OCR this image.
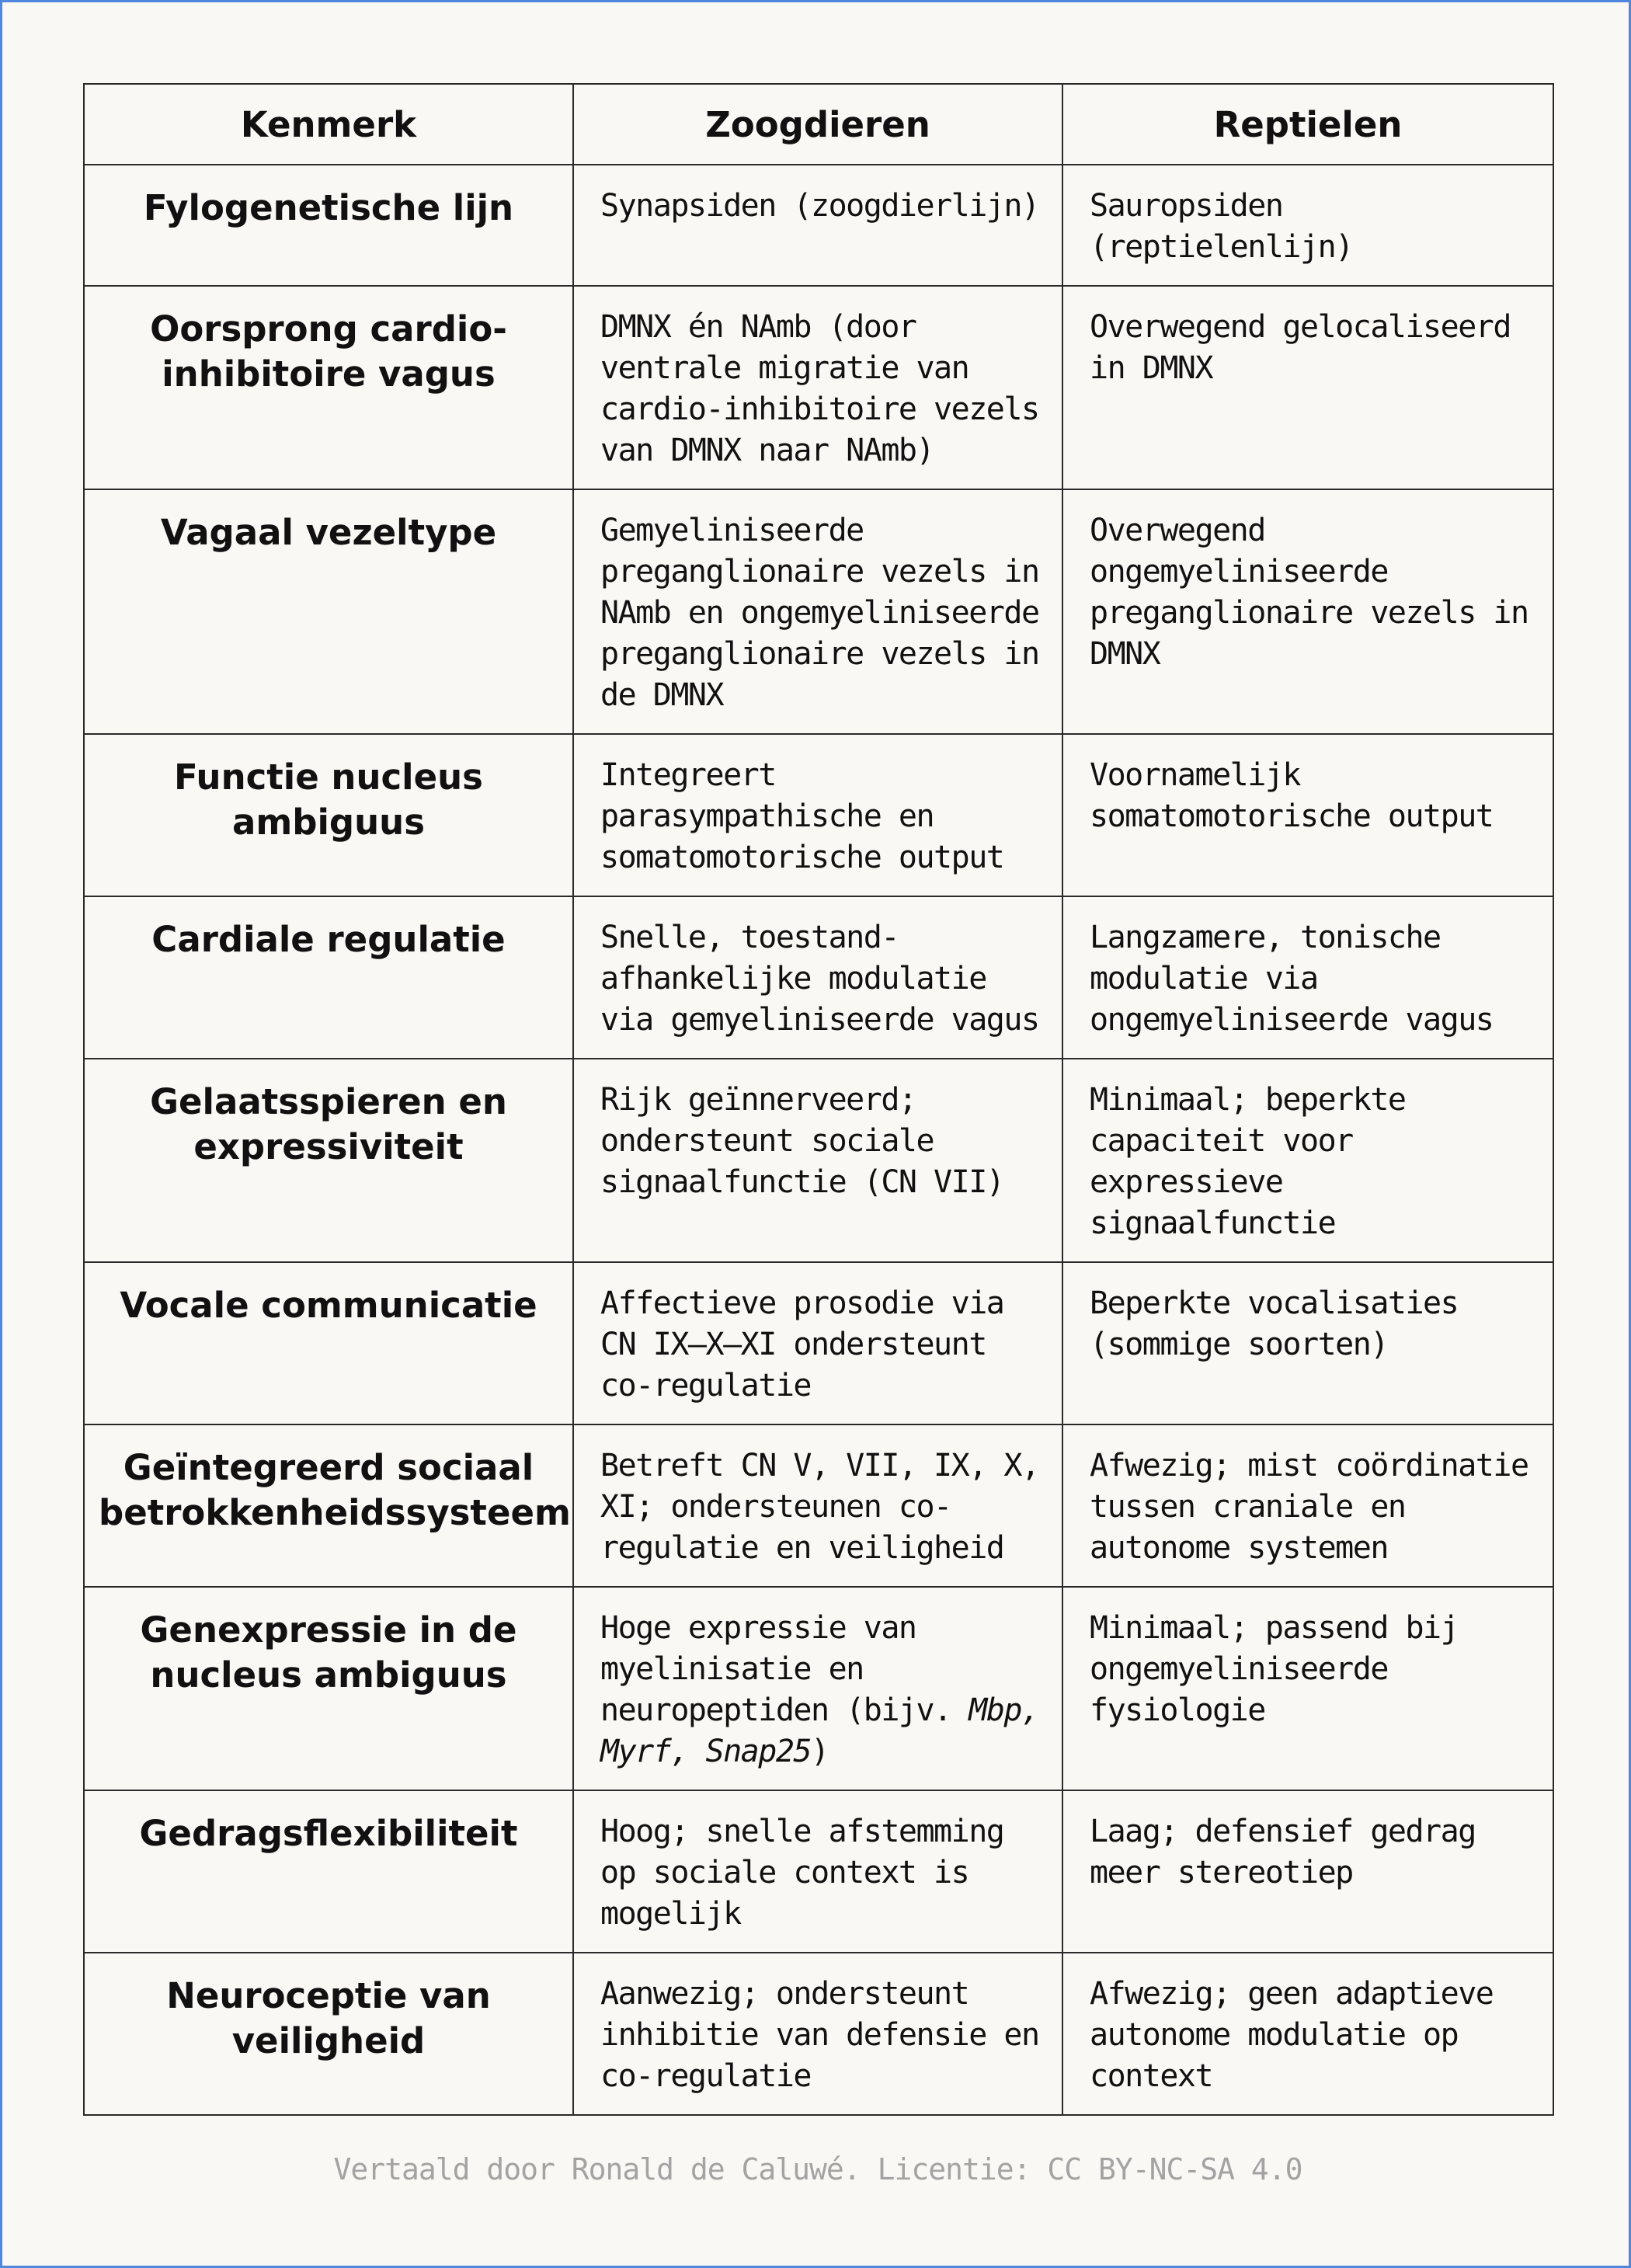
Kenmerk	Zoogdieren	Reptielen
Fylogenetische lijn	Synapsiden (zoogdierlijn)	Sauropsiden (reptielenlijn)
Oorsprong cardio-inhibitoire vagus	DMNX én NAmb (door ventrale migratie van cardio-inhibitoire vezels van DMNX naar NAmb)	Overwegend gelocaliseerd in DMNX
Vagaal vezeltype	Gemyeliniseerde preganglionaire vezels in NAmb en ongemyeliniseerde preganglionaire vezels in de DMNX	Overwegend ongemyeliniseerde preganglionaire vezels in DMNX
Functie nucleus ambiguus	Integreert parasympathische en somatomotorische output	Voornamelijk somatomotorische output
Cardiale regulatie	Snelle, toestand-afhankelijke modulatie via gemyeliniseerde vagus	Langzamere, tonische modulatie via ongemyeliniseerde vagus
Gelaatsspieren en expressiviteit	Rijk geïnnerveerd; ondersteunt sociale signaalfunctie (CN VII)	Minimaal; beperkte capaciteit voor expressieve signaalfunctie
Vocale communicatie	Affectieve prosodie via CN IX–X–XI ondersteunt co-regulatie	Beperkte vocalisaties (sommige soorten)
Geïntegreerd sociaal betrokkenheidssysteem	Betreft CN V, VII, IX, X, XI; ondersteunen co-regulatie en veiligheid	Afwezig; mist coördinatie tussen craniale en autonome systemen
Genexpressie in de nucleus ambiguus	Hoge expressie van myelinisatie en neuropeptiden (bijv. Mbp, Myrf, Snap25)	Minimaal; passend bij ongemyeliniseerde fysiologie
Gedragsflexibiliteit	Hoog; snelle afstemming op sociale context is mogelijk	Laag; defensief gedrag meer stereotiep
Neuroceptie van veiligheid	Aanwezig; ondersteunt inhibitie van defensie en co-regulatie	Afwezig; geen adaptieve autonome modulatie op context
Vertaald door Ronald de Caluwé. Licentie: CC BY-NC-SA 4.0
